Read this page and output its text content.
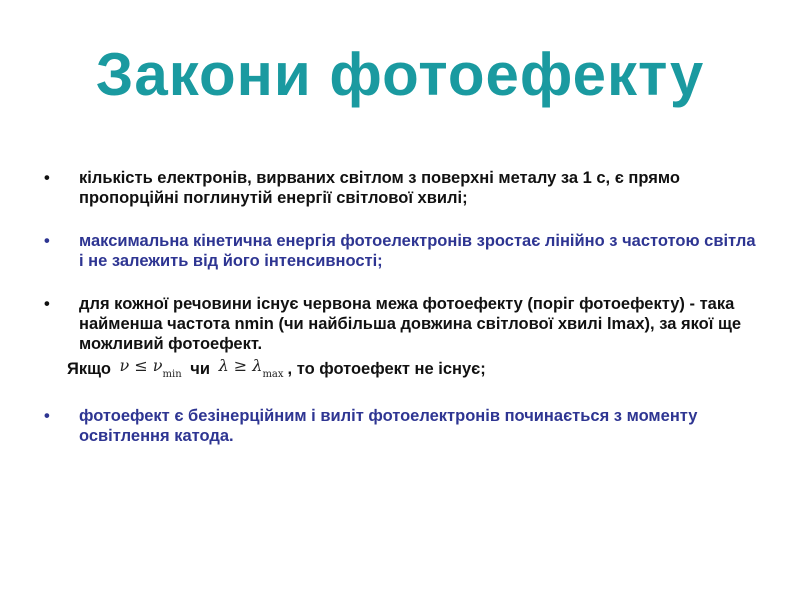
Закони фотоефекту
• кількість електронів, вирваних світлом з поверхні металу за 1 с, є прямо пропорційні поглинутій енергії світлової хвилі;
• максимальна кінетична енергія фотоелектронів зростає лінійно з частотою світла і не залежить від його інтенсивності;
• для кожної речовини існує червона межа фотоефекту (поріг фотоефекту) - така найменша частота nmin (чи найбільша довжина світлової хвилі lmax), за якої ще можливий фотоефект.
Якщо $\nu \le \nu_{min}$ чи $\lambda \ge \lambda_{max}$ , то фотоефект не існує;
• фотоефект є безінерційним і виліт фотоелектронів починається з моменту освітлення катода.
